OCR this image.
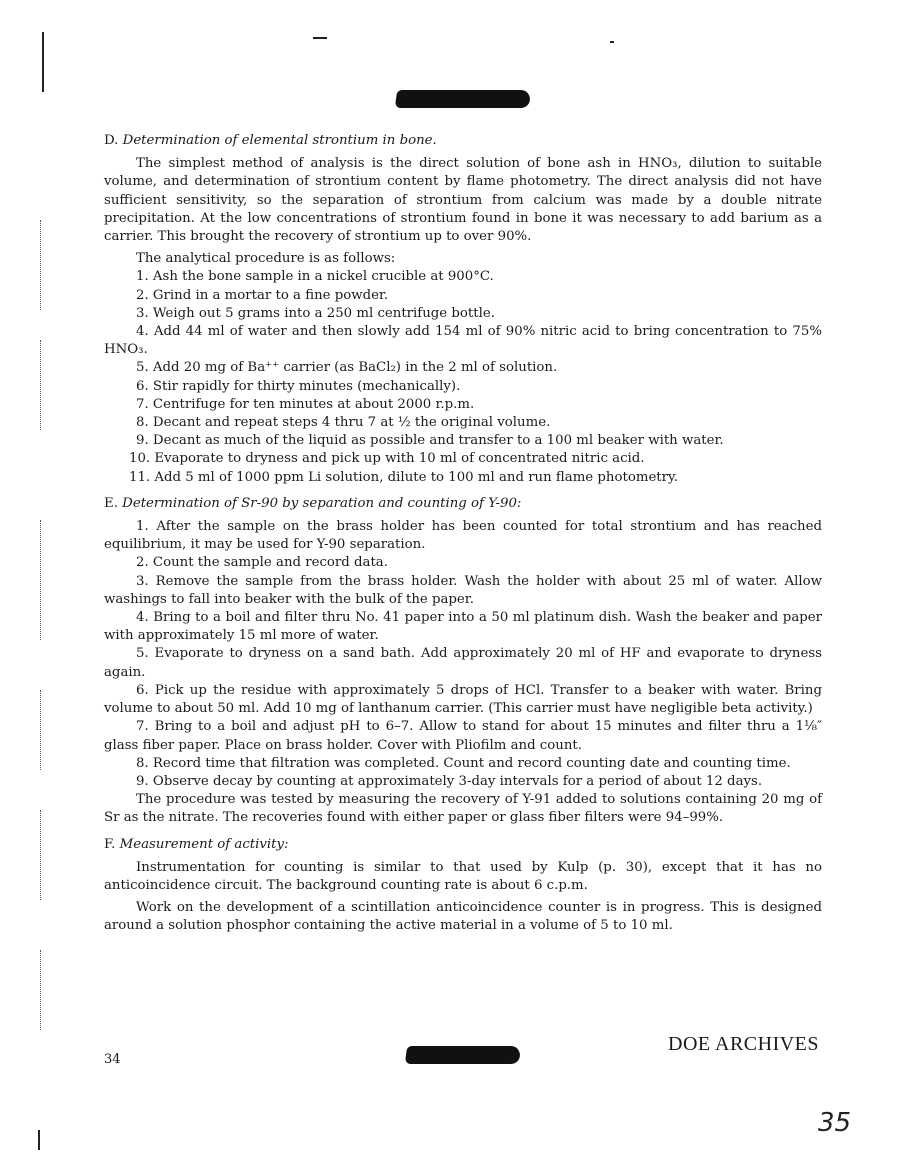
D. Determination of elemental strontium in bone.

The simplest method of analysis is the direct solution of bone ash in HNO₃, dilution to suitable volume, and determination of strontium content by flame photometry. The direct analysis did not have sufficient sensitivity, so the separation of strontium from calcium was made by a double nitrate precipitation. At the low concentrations of strontium found in bone it was necessary to add barium as a carrier. This brought the recovery of strontium up to over 90%.

The analytical procedure is as follows:

1. Ash the bone sample in a nickel crucible at 900°C.
2. Grind in a mortar to a fine powder.
3. Weigh out 5 grams into a 250 ml centrifuge bottle.
4. Add 44 ml of water and then slowly add 154 ml of 90% nitric acid to bring concentration to 75% HNO₃.
5. Add 20 mg of Ba⁺⁺ carrier (as BaCl₂) in the 2 ml of solution.
6. Stir rapidly for thirty minutes (mechanically).
7. Centrifuge for ten minutes at about 2000 r.p.m.
8. Decant and repeat steps 4 thru 7 at ½ the original volume.
9. Decant as much of the liquid as possible and transfer to a 100 ml beaker with water.
10. Evaporate to dryness and pick up with 10 ml of concentrated nitric acid.
11. Add 5 ml of 1000 ppm Li solution, dilute to 100 ml and run flame photometry.

E. Determination of Sr-90 by separation and counting of Y-90:

1. After the sample on the brass holder has been counted for total strontium and has reached equilibrium, it may be used for Y-90 separation.
2. Count the sample and record data.
3. Remove the sample from the brass holder. Wash the holder with about 25 ml of water. Allow washings to fall into beaker with the bulk of the paper.
4. Bring to a boil and filter thru No. 41 paper into a 50 ml platinum dish. Wash the beaker and paper with approximately 15 ml more of water.
5. Evaporate to dryness on a sand bath. Add approximately 20 ml of HF and evaporate to dryness again.
6. Pick up the residue with approximately 5 drops of HCl. Transfer to a beaker with water. Bring volume to about 50 ml. Add 10 mg of lanthanum carrier. (This carrier must have negligible beta activity.)
7. Bring to a boil and adjust pH to 6–7. Allow to stand for about 15 minutes and filter thru a 1⅛″ glass fiber paper. Place on brass holder. Cover with Pliofilm and count.
8. Record time that filtration was completed. Count and record counting date and counting time.
9. Observe decay by counting at approximately 3-day intervals for a period of about 12 days.

The procedure was tested by measuring the recovery of Y-91 added to solutions containing 20 mg of Sr as the nitrate. The recoveries found with either paper or glass fiber filters were 94–99%.

F. Measurement of activity:

Instrumentation for counting is similar to that used by Kulp (p. 30), except that it has no anticoincidence circuit. The background counting rate is about 6 c.p.m.

Work on the development of a scintillation anticoincidence counter is in progress. This is designed around a solution phosphor containing the active material in a volume of 5 to 10 ml.

34
DOE ARCHIVES
35
